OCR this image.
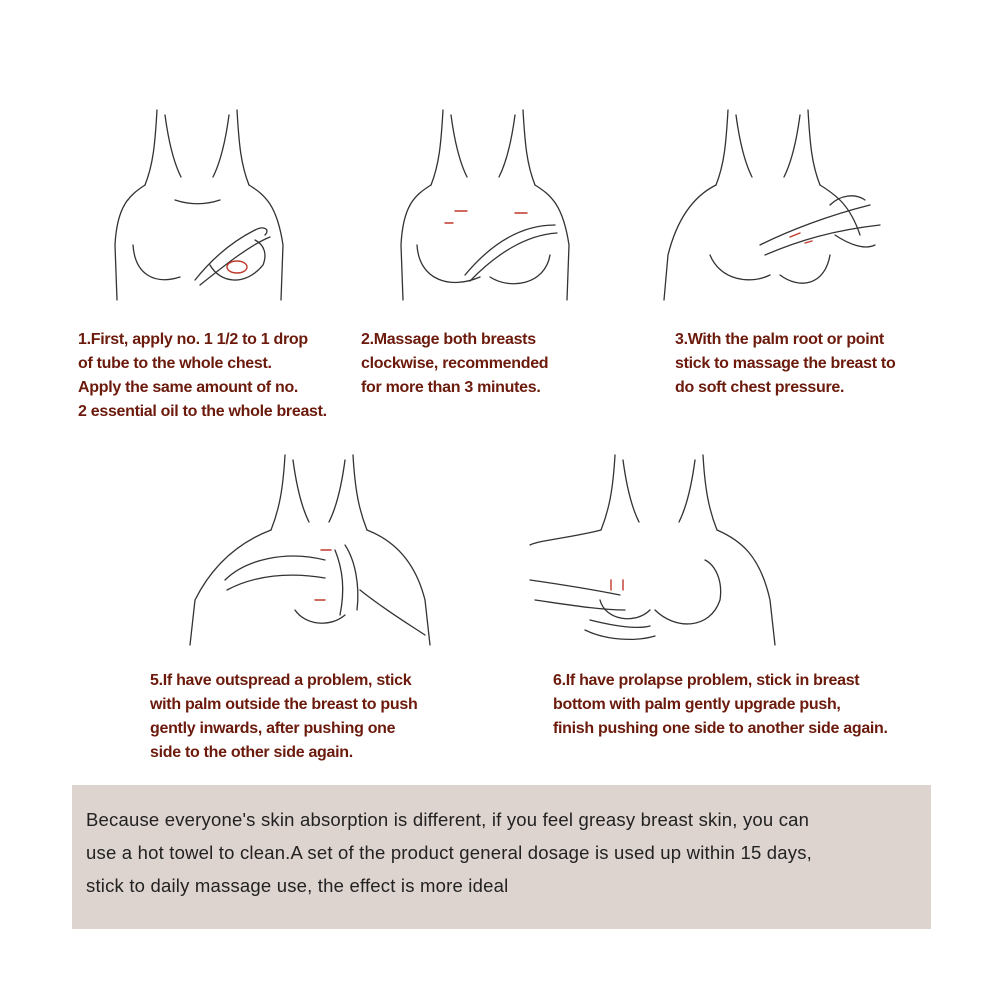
1.First, apply no. 1 1/2 to 1 drop
of tube to the whole chest.
Apply the same amount of no.
2 essential oil to the whole breast.
2.Massage both breasts
clockwise, recommended
for more than 3 minutes.
3.With the palm root or point
stick to massage the breast to
do soft chest pressure.
5.If have outspread a problem, stick
with palm outside the breast to push
gently inwards, after pushing one
side to the other side again.
6.If have prolapse problem, stick in breast
bottom with palm gently upgrade push,
finish pushing one side to another side again.

Because everyone's skin absorption is different, if you feel greasy breast skin, you can

use a hot towel to clean.A set of the product general dosage is used up within 15 days,

stick to daily massage use, the effect is more ideal
